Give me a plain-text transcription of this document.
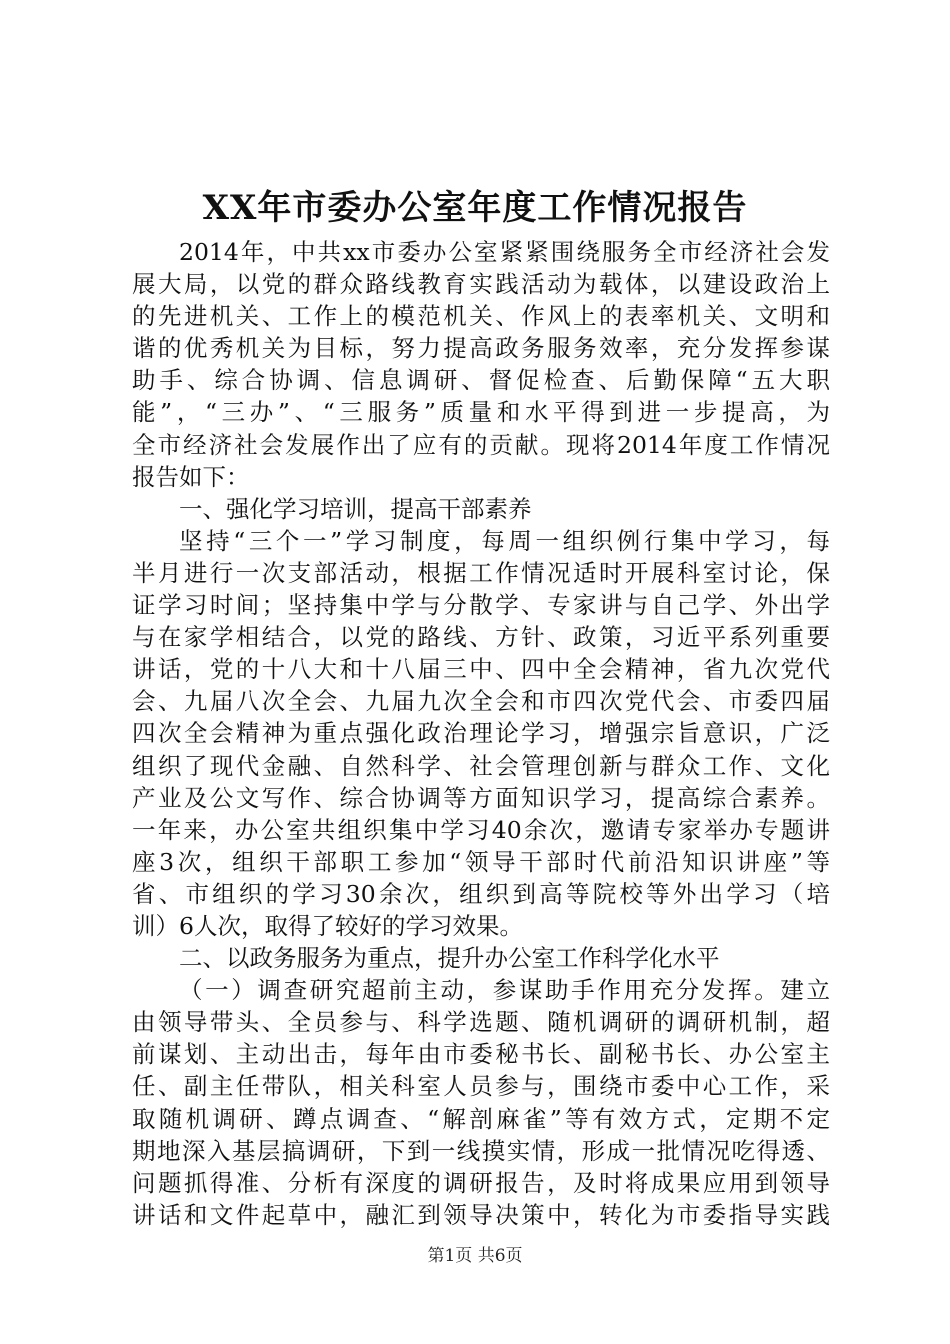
XX年市委办公室年度工作情况报告
2014年，中共xx市委办公室紧紧围绕服务全市经济社会发
展大局，以党的群众路线教育实践活动为载体，以建设政治上
的先进机关、工作上的模范机关、作风上的表率机关、文明和
谐的优秀机关为目标，努力提高政务服务效率，充分发挥参谋
助手、综合协调、信息调研、督促检查、后勤保障“五大职
能”，“三办”、“三服务”质量和水平得到进一步提高，为
全市经济社会发展作出了应有的贡献。现将2014年度工作情况
报告如下：
一、强化学习培训，提高干部素养
坚持“三个一”学习制度，每周一组织例行集中学习，每
半月进行一次支部活动，根据工作情况适时开展科室讨论，保
证学习时间；坚持集中学与分散学、专家讲与自己学、外出学
与在家学相结合，以党的路线、方针、政策，习近平系列重要
讲话，党的十八大和十八届三中、四中全会精神，省九次党代
会、九届八次全会、九届九次全会和市四次党代会、市委四届
四次全会精神为重点强化政治理论学习，增强宗旨意识，广泛
组织了现代金融、自然科学、社会管理创新与群众工作、文化
产业及公文写作、综合协调等方面知识学习，提高综合素养。
一年来，办公室共组织集中学习40余次，邀请专家举办专题讲
座3次，组织干部职工参加“领导干部时代前沿知识讲座”等
省、市组织的学习30余次，组织到高等院校等外出学习（培
训）6人次，取得了较好的学习效果。
二、以政务服务为重点，提升办公室工作科学化水平
（一）调查研究超前主动，参谋助手作用充分发挥。建立
由领导带头、全员参与、科学选题、随机调研的调研机制，超
前谋划、主动出击，每年由市委秘书长、副秘书长、办公室主
任、副主任带队，相关科室人员参与，围绕市委中心工作，采
取随机调研、蹲点调查、“解剖麻雀”等有效方式，定期不定
期地深入基层搞调研，下到一线摸实情，形成一批情况吃得透、
问题抓得准、分析有深度的调研报告，及时将成果应用到领导
讲话和文件起草中，融汇到领导决策中，转化为市委指导实践
第1页 共6页
